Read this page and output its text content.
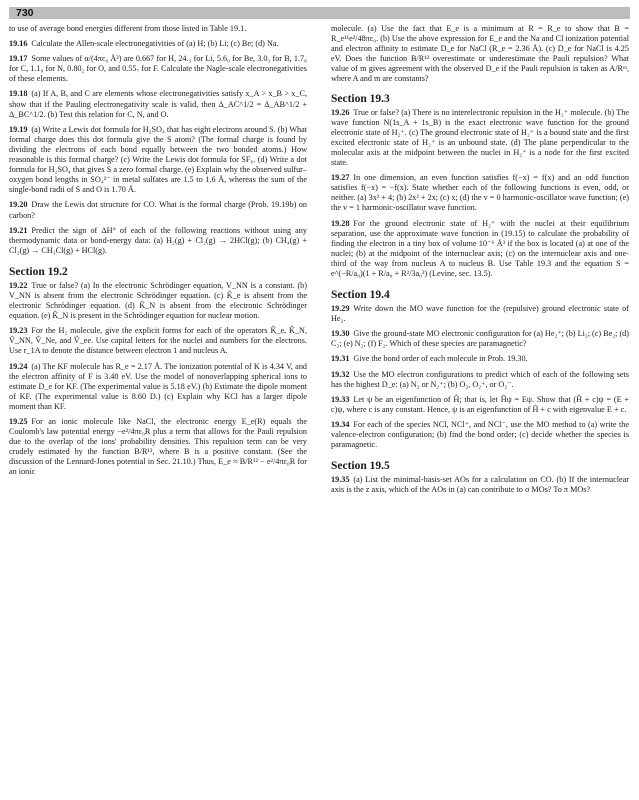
730

to use of average bond energies different from those listed in Table 19.1.

19.16 Calculate the Allen-scale electronegativities of (a) H; (b) Li; (c) Be; (d) Na.

19.17 Some values of α/(4πε₀ Å³) are 0.667 for H, 24.₃ for Li, 5.6₀ for Be, 3.0₃ for B, 1.7₆ for C, 1.1₀ for N, 0.80₂ for O, and 0.55₇ for F. Calculate the Nagle-scale electronegativities of these elements.

19.18 (a) If A, B, and C are elements whose electronegativities satisfy x_A > x_B > x_C, show that if the Pauling electronegativity scale is valid, then Δ_AC^1/2 = Δ_AB^1/2 + Δ_BC^1/2. (b) Test this relation for C, N, and O.

19.19 (a) Write a Lewis dot formula for H₂SO₄ that has eight electrons around S. (b) What formal charge does this dot formula give the S atom? (The formal charge is found by dividing the electrons of each bond equally between the two bonded atoms.) How reasonable is this formal charge? (c) Write the Lewis dot formula for SF₆. (d) Write a dot formula for H₂SO₄ that gives S a zero formal charge. (e) Explain why the observed sulfur–oxygen bond lengths in SO₄²⁻ in metal sulfates are 1.5 to 1.6 Å, whereas the sum of the single-bond radii of S and O is 1.70 Å.

19.20 Draw the Lewis dot structure for CO. What is the formal charge (Prob. 19.19b) on carbon?

19.21 Predict the sign of ΔH° of each of the following reactions without using any thermodynamic data or bond-energy data: (a) H₂(g) + Cl₂(g) → 2HCl(g); (b) CH₄(g) + Cl₂(g) → CH₃Cl(g) + HCl(g).

Section 19.2

19.22 True or false? (a) In the electronic Schrödinger equation, V_NN is a constant. (b) V_NN is absent from the electronic Schrödinger equation. (c) K̂_e is absent from the electronic Schrödinger equation. (d) K̂_N is absent from the electronic Schrödinger equation. (e) K̂_N is present in the Schrödinger equation for nuclear motion.

19.23 For the H₂ molecule, give the explicit forms for each of the operators K̂_e, K̂_N, V̂_NN, V̂_Ne, and V̂_ee. Use capital letters for the nuclei and numbers for the electrons. Use r_1A to denote the distance between electron 1 and nucleus A.

19.24 (a) The KF molecule has R_e = 2.17 Å. The ionization potential of K is 4.34 V, and the electron affinity of F is 3.40 eV. Use the model of nonoverlapping spherical ions to estimate D_e for KF. (The experimental value is 5.18 eV.) (b) Estimate the dipole moment of KF. (The experimental value is 8.60 D.) (c) Explain why KCl has a larger dipole moment than KF.

19.25 For an ionic molecule like NaCl, the electronic energy E_e(R) equals the Coulomb's law potential energy −e²/4πε₀R plus a term that allows for the Pauli repulsion due to the overlap of the ions' probability densities. This repulsion term can be very crudely estimated by the function B/R¹², where B is a positive constant. (See the discussion of the Lennard-Jones potential in Sec. 21.10.) Thus, E_e ≈ B/R¹² − e²/4πε₀R for an ionic

molecule. (a) Use the fact that E_e is a minimum at R = R_e to show that B = R_e¹¹e²/48πε₀. (b) Use the above expression for E_e and the Na and Cl ionization potential and electron affinity to estimate D_e for NaCl (R_e = 2.36 Å). (c) D_e for NaCl is 4.25 eV. Does the function B/R¹² overestimate or underestimate the Pauli repulsion? What value of m gives agreement with the observed D_e if the Pauli repulsion is taken as A/Rᵐ, where A and m are constants?

Section 19.3

19.26 True or false? (a) There is no interelectronic repulsion in the H₂⁺ molecule. (b) The wave function N(1s_A + 1s_B) is the exact electronic wave function for the ground electronic state of H₂⁺. (c) The ground electronic state of H₂⁺ is a bound state and the first excited electronic state of H₂⁺ is an unbound state. (d) The plane perpendicular to the molecular axis at the midpoint between the nuclei in H₂⁺ is a node for the first excited state.

19.27 In one dimension, an even function satisfies f(−x) = f(x) and an odd function satisfies f(−x) = −f(x). State whether each of the following functions is even, odd, or neither. (a) 3x² + 4; (b) 2x² + 2x; (c) x; (d) the v = 0 harmonic-oscillator wave function; (e) the v = 1 harmonic-oscillator wave function.

19.28 For the ground electronic state of H₂⁺ with the nuclei at their equilibrium separation, use the approximate wave function in (19.15) to calculate the probability of finding the electron in a tiny box of volume 10⁻⁶ Å³ if the box is located (a) at one of the nuclei; (b) at the midpoint of the internuclear axis; (c) on the internuclear axis and one-third of the way from nucleus A to nucleus B. Use Table 19.3 and the equation S = e^(−R/a₀)(1 + R/a₀ + R²/3a₀²) (Levine, sec. 13.5).

Section 19.4

19.29 Write down the MO wave function for the (repulsive) ground electronic state of He₂.

19.30 Give the ground-state MO electronic configuration for (a) He₂⁺; (b) Li₂; (c) Be₂; (d) C₂; (e) N₂; (f) F₂. Which of these species are paramagnetic?

19.31 Give the bond order of each molecule in Prob. 19.30.

19.32 Use the MO electron configurations to predict which of each of the following sets has the highest D_e: (a) N₂ or N₂⁺; (b) O₂, O₂⁺, or O₂⁻.

19.33 Let ψ be an eigenfunction of Ĥ; that is, let Ĥψ = Eψ. Show that (Ĥ + c)ψ = (E + c)ψ, where c is any constant. Hence, ψ is an eigenfunction of Ĥ + c with eigenvalue E + c.

19.34 For each of the species NCl, NCl⁺, and NCl⁻, use the MO method to (a) write the valence-electron configuration; (b) find the bond order; (c) decide whether the species is paramagnetic.

Section 19.5

19.35 (a) List the minimal-basis-set AOs for a calculation on CO. (b) If the internuclear axis is the z axis, which of the AOs in (a) can contribute to σ MOs? To π MOs?
